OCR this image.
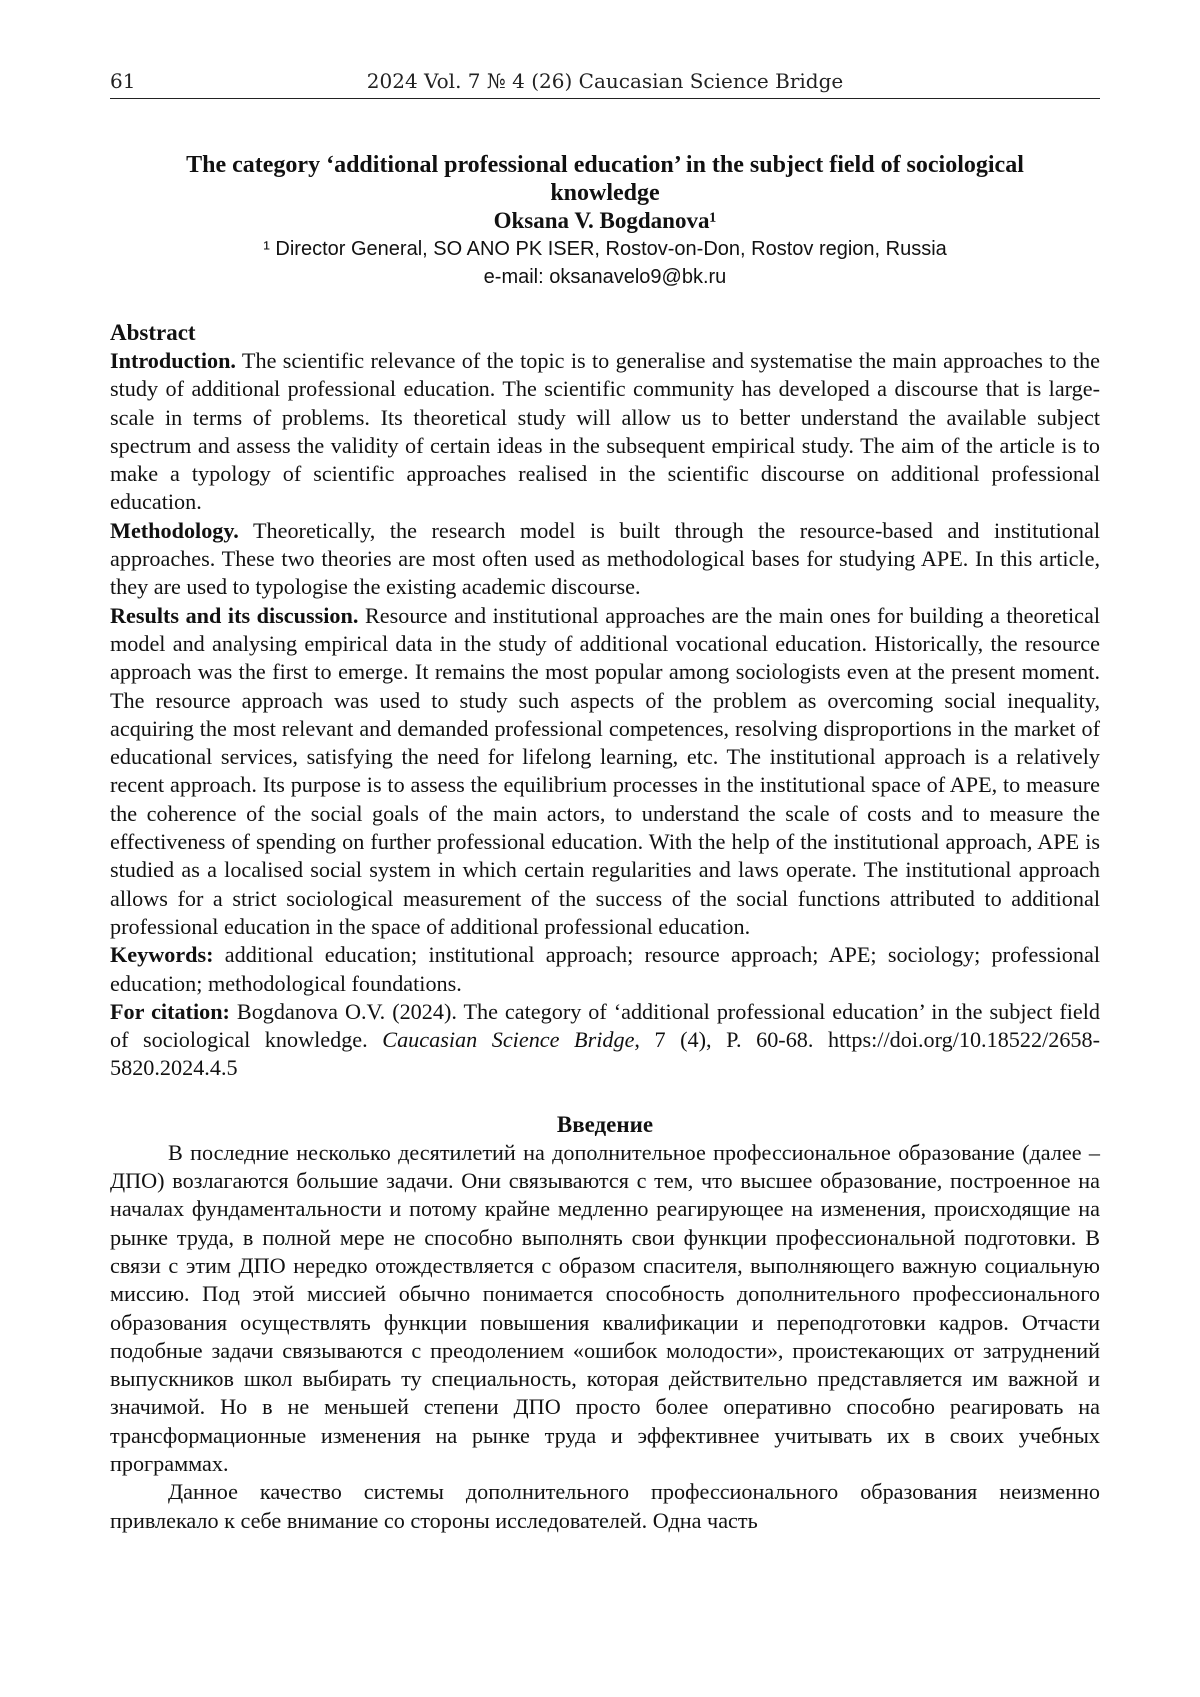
61	2024 Vol. 7 № 4 (26) Caucasian Science Bridge
The category ‘additional professional education’ in the subject field of sociological knowledge
Oksana V. Bogdanova¹
¹ Director General, SO ANO PK ISER, Rostov-on-Don, Rostov region, Russia
e-mail: oksanavelo9@bk.ru
Abstract

Introduction. The scientific relevance of the topic is to generalise and systematise the main approaches to the study of additional professional education. The scientific community has developed a discourse that is large-scale in terms of problems. Its theoretical study will allow us to better understand the available subject spectrum and assess the validity of certain ideas in the subsequent empirical study. The aim of the article is to make a typology of scientific approaches realised in the scientific discourse on additional professional education.

Methodology. Theoretically, the research model is built through the resource-based and institutional approaches. These two theories are most often used as methodological bases for studying APE. In this article, they are used to typologise the existing academic discourse.

Results and its discussion. Resource and institutional approaches are the main ones for building a theoretical model and analysing empirical data in the study of additional vocational education. Historically, the resource approach was the first to emerge. It remains the most popular among sociologists even at the present moment. The resource approach was used to study such aspects of the problem as overcoming social inequality, acquiring the most relevant and demanded professional competences, resolving disproportions in the market of educational services, satisfying the need for lifelong learning, etc. The institutional approach is a relatively recent approach. Its purpose is to assess the equilibrium processes in the institutional space of APE, to measure the coherence of the social goals of the main actors, to understand the scale of costs and to measure the effectiveness of spending on further professional education. With the help of the institutional approach, APE is studied as a localised social system in which certain regularities and laws operate. The institutional approach allows for a strict sociological measurement of the success of the social functions attributed to additional professional education in the space of additional professional education.

Keywords: additional education; institutional approach; resource approach; APE; sociology; professional education; methodological foundations.

For citation: Bogdanova O.V. (2024). The category of ‘additional professional education’ in the subject field of sociological knowledge. Caucasian Science Bridge, 7 (4), P. 60-68. https://doi.org/10.18522/2658-5820.2024.4.5

Введение

В последние несколько десятилетий на дополнительное профессиональное образование (далее – ДПО) возлагаются большие задачи. Они связываются с тем, что высшее образование, построенное на началах фундаментальности и потому крайне медленно реагирующее на изменения, происходящие на рынке труда, в полной мере не способно выполнять свои функции профессиональной подготовки. В связи с этим ДПО нередко отождествляется с образом спасителя, выполняющего важную социальную миссию. Под этой миссией обычно понимается способность дополнительного профессионального образования осуществлять функции повышения квалификации и переподготовки кадров. Отчасти подобные задачи связываются с преодолением «ошибок молодости», проистекающих от затруднений выпускников школ выбирать ту специальность, которая действительно представляется им важной и значимой. Но в не меньшей степени ДПО просто более оперативно способно реагировать на трансформационные изменения на рынке труда и эффективнее учитывать их в своих учебных программах.

Данное качество системы дополнительного профессионального образования неизменно привлекало к себе внимание со стороны исследователей. Одна часть
